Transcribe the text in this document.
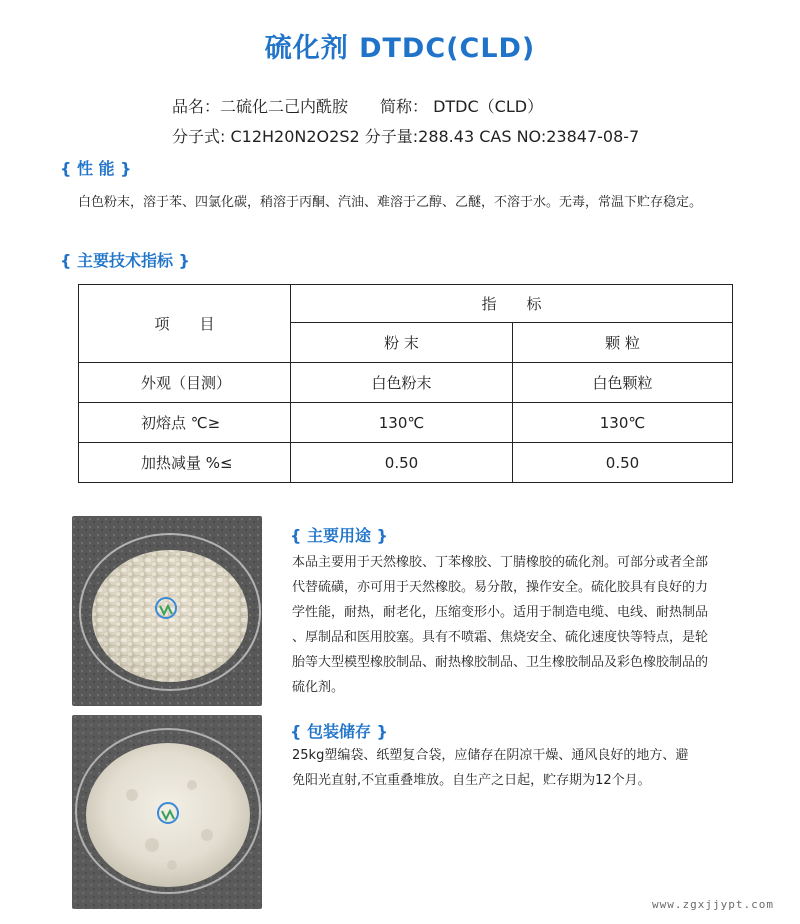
硫化剂 DTDC(CLD)
品名：二硫化二己内酰胺　　简称： DTDC（CLD）
分子式: C12H20N2O2S2 分子量:288.43 CAS NO:23847-08-7
{ 性 能 }
白色粉末，溶于苯、四氯化碳，稍溶于丙酮、汽油、难溶于乙醇、乙醚，不溶于水。无毒，常温下贮存稳定。
{ 主要技术指标 }
项　　目	指　　标	
	粉 末	颗 粒
外观（目测）	白色粉末	白色颗粒
初熔点 ℃≥	130℃	130℃
加热减量 %≤	0.50	0.50
{ 主要用途 }
本品主要用于天然橡胶、丁苯橡胶、丁腈橡胶的硫化剂。可部分或者全部
代替硫磺，亦可用于天然橡胶。易分散，操作安全。硫化胶具有良好的力
学性能，耐热，耐老化，压缩变形小。适用于制造电缆、电线、耐热制品
、厚制品和医用胶塞。具有不喷霜、焦烧安全、硫化速度快等特点，是轮
胎等大型模型橡胶制品、耐热橡胶制品、卫生橡胶制品及彩色橡胶制品的
硫化剂。
{ 包装储存 }
25kg塑编袋、纸塑复合袋，应储存在阴凉干燥、通风良好的地方、避
免阳光直射,不宜重叠堆放。自生产之日起，贮存期为12个月。
www.zgxjjypt.com
